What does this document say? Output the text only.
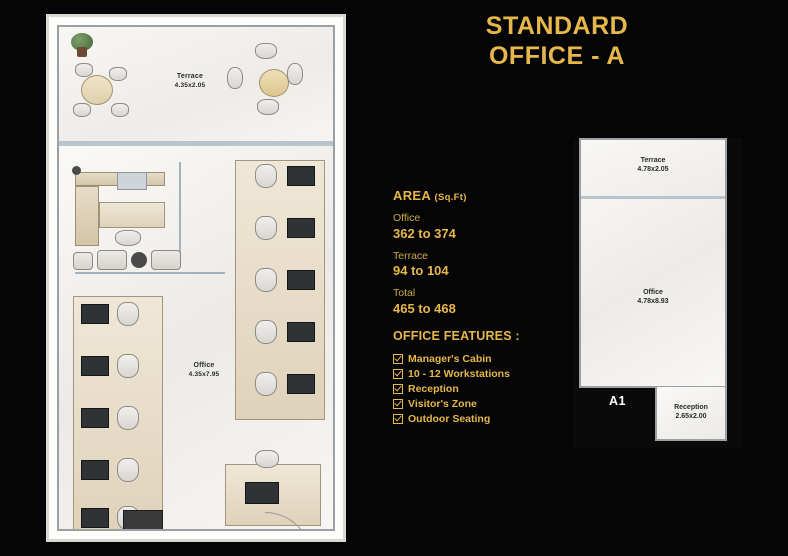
Terrace
4.35x2.05
Office
4.35x7.95
STANDARD
OFFICE - A
AREA (Sq.Ft)
Office
362 to 374
Terrace
94 to 104
Total
465 to 468
OFFICE FEATURES :
Manager's Cabin
10 - 12 Workstations
Reception
Visitor's Zone
Outdoor Seating
Terrace
4.78x2.05
Office
4.78x8.93
Reception
2.65x2.00
A1
